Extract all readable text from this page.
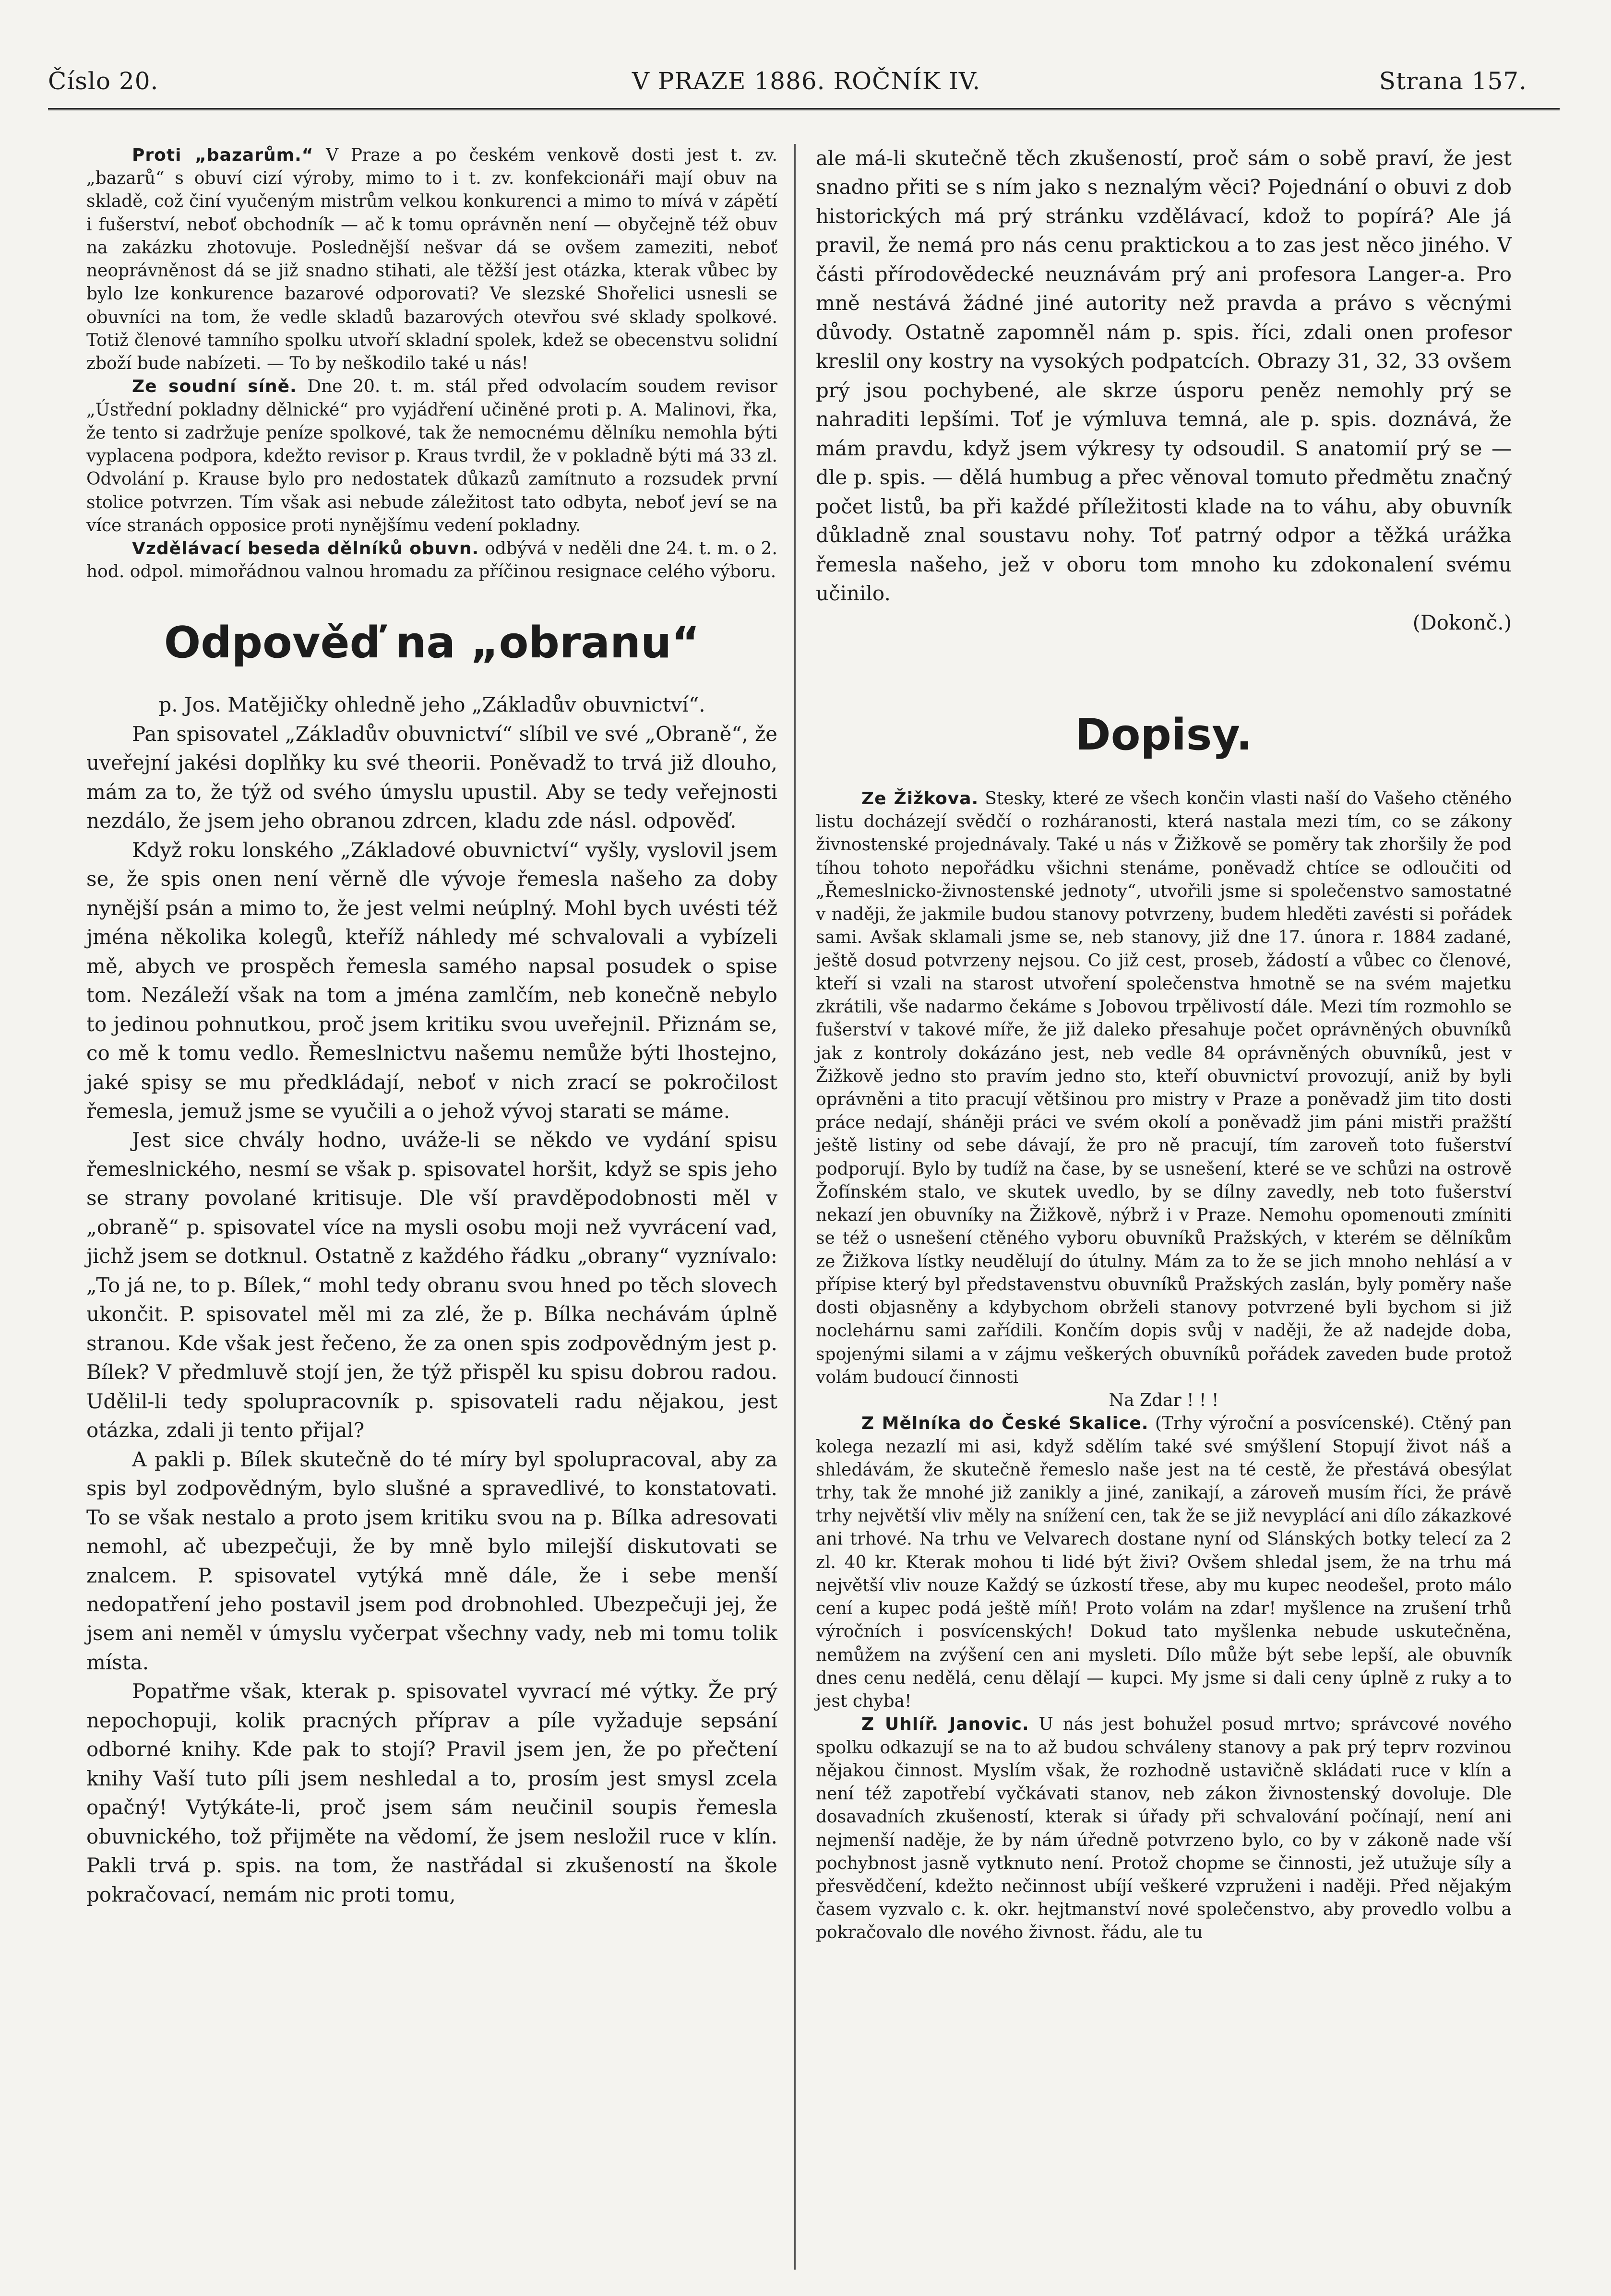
Číslo 20.	V PRAZE 1886. ROČNÍK IV.	Strana 157.

Proti „bazarům.“ V Praze a po českém venkově dosti jest t. zv. „bazarů“ s obuví cizí výroby, mimo to i t. zv. konfekcionáři mají obuv na skladě, což činí vyučeným mistrům velkou konkurenci a mimo to mívá v zápětí i fušerství, neboť obchodník — ač k tomu oprávněn není — obyčejně též obuv na zakázku zhotovuje. Poslednější nešvar dá se ovšem zameziti, neboť neoprávněnost dá se již snadno stihati, ale těžší jest otázka, kterak vůbec by bylo lze konkurence bazarové odporovati? Ve slezské Shořelici usnesli se obuvníci na tom, že vedle skladů bazarových otevřou své sklady spolkové. Totiž členové tamního spolku utvoří skladní spolek, kdež se obecenstvu solidní zboží bude nabízeti. — To by neškodilo také u nás!

Ze soudní síně. Dne 20. t. m. stál před odvolacím soudem revisor „Ústřední pokladny dělnické“ pro vyjádření učiněné proti p. A. Malinovi, řka, že tento si zadržuje peníze spolkové, tak že nemocnému dělníku nemohla býti vyplacena podpora, kdežto revisor p. Kraus tvrdil, že v pokladně býti má 33 zl. Odvolání p. Krause bylo pro nedostatek důkazů zamítnuto a rozsudek první stolice potvrzen. Tím však asi nebude záležitost tato odbyta, neboť jeví se na více stranách opposice proti nynějšímu vedení pokladny.

Vzdělávací beseda dělníků obuvn. odbývá v neděli dne 24. t. m. o 2. hod. odpol. mimořádnou valnou hromadu za příčinou resignace celého výboru.

Odpověď na „obranu“

p. Jos. Matějičky ohledně jeho „Základův obuvnictví“.

Pan spisovatel „Základův obuvnictví“ slíbil ve své „Obraně“, že uveřejní jakési doplňky ku své theorii. Poněvadž to trvá již dlouho, mám za to, že týž od svého úmyslu upustil. Aby se tedy veřejnosti nezdálo, že jsem jeho obranou zdrcen, kladu zde násl. odpověď.

Když roku lonského „Základové obuvnictví“ vyšly, vyslovil jsem se, že spis onen není věrně dle vývoje řemesla našeho za doby nynější psán a mimo to, že jest velmi neúplný. Mohl bych uvésti též jména několika kolegů, kteříž náhledy mé schvalovali a vybízeli mě, abych ve prospěch řemesla samého napsal posudek o spise tom. Nezáleží však na tom a jména zamlčím, neb konečně nebylo to jedinou pohnutkou, proč jsem kritiku svou uveřejnil. Přiznám se, co mě k tomu vedlo. Řemeslnictvu našemu nemůže býti lhostejno, jaké spisy se mu předkládají, neboť v nich zrací se pokročilost řemesla, jemuž jsme se vyučili a o jehož vývoj starati se máme.

Jest sice chvály hodno, uváže-li se někdo ve vydání spisu řemeslnického, nesmí se však p. spisovatel horšit, když se spis jeho se strany povolané kritisuje. Dle vší pravděpodobnosti měl v „obraně“ p. spisovatel více na mysli osobu moji než vyvrácení vad, jichž jsem se dotknul. Ostatně z každého řádku „obrany“ vyznívalo: „To já ne, to p. Bílek,“ mohl tedy obranu svou hned po těch slovech ukončit. P. spisovatel měl mi za zlé, že p. Bílka nechávám úplně stranou. Kde však jest řečeno, že za onen spis zodpovědným jest p. Bílek? V předmluvě stojí jen, že týž přispěl ku spisu dobrou radou. Udělil-li tedy spolupracovník p. spisovateli radu nějakou, jest otázka, zdali ji tento přijal?

A pakli p. Bílek skutečně do té míry byl spolupracoval, aby za spis byl zodpovědným, bylo slušné a spravedlivé, to konstatovati. To se však nestalo a proto jsem kritiku svou na p. Bílka adresovati nemohl, ač ubezpečuji, že by mně bylo milejší diskutovati se znalcem. P. spisovatel vytýká mně dále, že i sebe menší nedopatření jeho postavil jsem pod drobnohled. Ubezpečuji jej, že jsem ani neměl v úmyslu vyčerpat všechny vady, neb mi tomu tolik místa.

Popatřme však, kterak p. spisovatel vyvrací mé výtky. Že prý nepochopuji, kolik pracných příprav a píle vyžaduje sepsání odborné knihy. Kde pak to stojí? Pravil jsem jen, že po přečtení knihy Vaší tuto píli jsem neshledal a to, prosím jest smysl zcela opačný! Vytýkáte-li, proč jsem sám neučinil soupis řemesla obuvnického, tož přijměte na vědomí, že jsem nesložil ruce v klín. Pakli trvá p. spis. na tom, že nastřádal si zkušeností na škole pokračovací, nemám nic proti tomu,

ale má-li skutečně těch zkušeností, proč sám o sobě praví, že jest snadno přiti se s ním jako s neznalým věci? Pojednání o obuvi z dob historických má prý stránku vzdělávací, kdož to popírá? Ale já pravil, že nemá pro nás cenu praktickou a to zas jest něco jiného. V části přírodovědecké neuznávám prý ani profesora Langer-a. Pro mně nestává žádné jiné autority než pravda a právo s věcnými důvody. Ostatně zapomněl nám p. spis. říci, zdali onen profesor kreslil ony kostry na vysokých podpatcích. Obrazy 31, 32, 33 ovšem prý jsou pochybené, ale skrze úsporu peněz nemohly prý se nahraditi lepšími. Toť je výmluva temná, ale p. spis. doznává, že mám pravdu, když jsem výkresy ty odsoudil. S anatomií prý se — dle p. spis. — dělá humbug a přec věnoval tomuto předmětu značný počet listů, ba při každé příležitosti klade na to váhu, aby obuvník důkladně znal soustavu nohy. Toť patrný odpor a těžká urážka řemesla našeho, jež v oboru tom mnoho ku zdokonalení svému učinilo.

(Dokonč.)

Dopisy.

Ze Žižkova. Stesky, které ze všech končin vlasti naší do Vašeho ctěného listu docházejí svědčí o rozháranosti, která nastala mezi tím, co se zákony živnostenské projednávaly. Také u nás v Žižkově se poměry tak zhoršily že pod tíhou tohoto nepořádku všichni stenáme, poněvadž chtíce se odloučiti od „Řemeslnicko-živnostenské jednoty“, utvořili jsme si společenstvo samostatné v naději, že jakmile budou stanovy potvrzeny, budem hleděti zavésti si pořádek sami. Avšak sklamali jsme se, neb stanovy, již dne 17. února r. 1884 zadané, ještě dosud potvrzeny nejsou. Co již cest, proseb, žádostí a vůbec co členové, kteří si vzali na starost utvoření společenstva hmotně se na svém majetku zkrátili, vše nadarmo čekáme s Jobovou trpělivostí dále. Mezi tím rozmohlo se fušerství v takové míře, že již daleko přesahuje počet oprávněných obuvníků jak z kontroly dokázáno jest, neb vedle 84 oprávněných obuvníků, jest v Žižkově jedno sto pravím jedno sto, kteří obuvnictví provozují, aniž by byli oprávněni a tito pracují většinou pro mistry v Praze a poněvadž jim tito dosti práce nedají, sháněji práci ve svém okolí a poněvadž jim páni mistři pražští ještě listiny od sebe dávají, že pro ně pracují, tím zaroveň toto fušerství podporují. Bylo by tudíž na čase, by se usnešení, které se ve schůzi na ostrově Žofínském stalo, ve skutek uvedlo, by se dílny zavedly, neb toto fušerství nekazí jen obuvníky na Žižkově, nýbrž i v Praze. Nemohu opomenouti zmíniti se též o usnešení ctěného vyboru obuvníků Pražských, v kterém se dělníkům ze Žižkova lístky neudělují do útulny. Mám za to že se jich mnoho nehlásí a v přípise který byl představenstvu obuvníků Pražských zaslán, byly poměry naše dosti objasněny a kdybychom obrželi stanovy potvrzené byli bychom si již noclehárnu sami zařídili. Končím dopis svůj v naději, že až nadejde doba, spojenými silami a v zájmu veškerých obuvníků pořádek zaveden bude protož volám budoucí činnosti

Na Zdar ! ! !

Z Mělníka do České Skalice. (Trhy výroční a posvícenské). Ctěný pan kolega nezazlí mi asi, když sdělím také své smýšlení Stopují život náš a shledávám, že skutečně řemeslo naše jest na té cestě, že přestává obesýlat trhy, tak že mnohé již zanikly a jiné, zanikají, a zároveň musím říci, že právě trhy největší vliv měly na snížení cen, tak že se již nevyplácí ani dílo zákazkové ani trhové. Na trhu ve Velvarech dostane nyní od Slánských botky telecí za 2 zl. 40 kr. Kterak mohou ti lidé být živi? Ovšem shledal jsem, že na trhu má největší vliv nouze Každý se úzkostí třese, aby mu kupec neodešel, proto málo cení a kupec podá ještě míň! Proto volám na zdar! myšlence na zrušení trhů výročních i posvícenských! Dokud tato myšlenka nebude uskutečněna, nemůžem na zvýšení cen ani mysleti. Dílo může být sebe lepší, ale obuvník dnes cenu nedělá, cenu dělají — kupci. My jsme si dali ceny úplně z ruky a to jest chyba!

Z Uhlíř. Janovic. U nás jest bohužel posud mrtvo; správcové nového spolku odkazují se na to až budou schváleny stanovy a pak prý teprv rozvinou nějakou činnost. Myslím však, že rozhodně ustavičně skládati ruce v klín a není též zapotřebí vyčkávati stanov, neb zákon živnostenský dovoluje. Dle dosavadních zkušeností, kterak si úřady při schvalování počínají, není ani nejmenší naděje, že by nám úředně potvrzeno bylo, co by v zákoně nade vší pochybnost jasně vytknuto není. Protož chopme se činnosti, jež utužuje síly a přesvědčení, kdežto nečinnost ubíjí veškeré vzpruženi i naději. Před nějakým časem vyzvalo c. k. okr. hejtmanství nové společenstvo, aby provedlo volbu a pokračovalo dle nového živnost. řádu, ale tu
